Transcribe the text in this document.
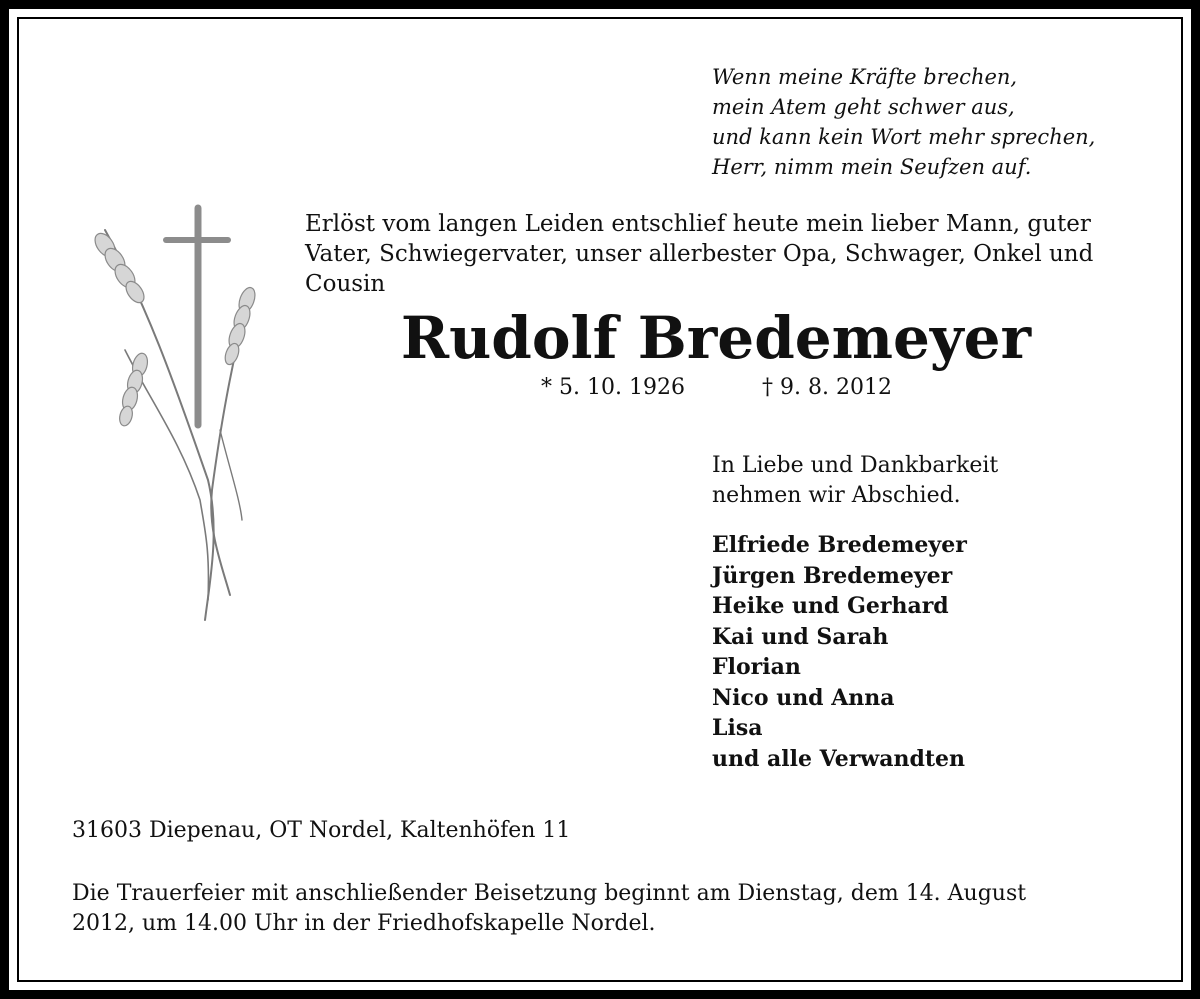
Wenn meine Kräfte brechen,
mein Atem geht schwer aus,
und kann kein Wort mehr sprechen,
Herr, nimm mein Seufzen auf.
Erlöst vom langen Leiden entschlief heute mein lieber Mann, guter
Vater, Schwiegervater, unser allerbester Opa, Schwager, Onkel und
Cousin
Rudolf Bredemeyer
* 5. 10. 1926	† 9. 8. 2012
In Liebe und Dankbarkeit
nehmen wir Abschied.
Elfriede Bredemeyer
Jürgen Bredemeyer
Heike und Gerhard
Kai und Sarah
Florian
Nico und Anna
Lisa
und alle Verwandten
31603 Diepenau, OT Nordel, Kaltenhöfen 11
Die Trauerfeier mit anschließender Beisetzung beginnt am Dienstag, dem 14. August
2012, um 14.00 Uhr in der Friedhofskapelle Nordel.
